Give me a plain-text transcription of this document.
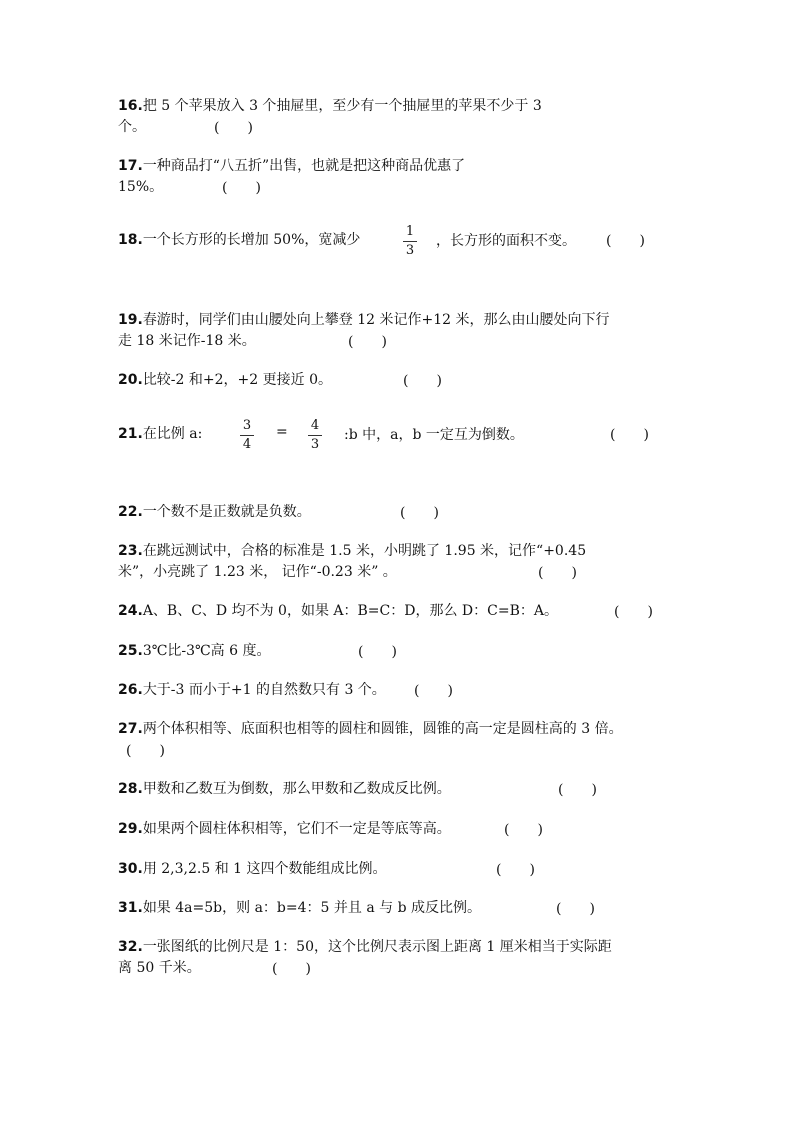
16.把 5 个苹果放入 3 个抽屉里，至少有一个抽屉里的苹果不少于 3
个。	(　　)
17.一种商品打“八五折”出售，也就是把这种商品优惠了
15%。	(　　)
18.一个长方形的长增加 50%，宽减少
1
3
，长方形的面积不变。 (　　)
19.春游时，同学们由山腰处向上攀登 12 米记作+12 米，那么由山腰处向下行
走 18 米记作-18 米。	(　　)
20.比较-2 和+2，+2 更接近 0。	(　　)
21.在比例 a:
3
4
= 4
3
:b 中，a，b 一定互为倒数。	(　　)
22.一个数不是正数就是负数。	(　　)
23.在跳远测试中，合格的标准是 1.5 米，小明跳了 1.95 米，记作“+0.45
米”，小亮跳了 1.23 米， 记作“-0.23 米” 。	(　　)
24.A、B、C、D 均不为 0，如果 A：B=C：D，那么 D：C=B：A。	(　　)
25.3℃比-3℃高 6 度。	(　　)
26.大于-3 而小于+1 的自然数只有 3 个。 (　　)
27.两个体积相等、底面积也相等的圆柱和圆锥，圆锥的高一定是圆柱高的 3 倍。
(　　)
28.甲数和乙数互为倒数，那么甲数和乙数成反比例。	(　　)
29.如果两个圆柱体积相等，它们不一定是等底等高。	(　　)
30.用 2,3,2.5 和 1 这四个数能组成比例。	(　　)
31.如果 4a=5b，则 a：b=4：5 并且 a 与 b 成反比例。	(　　)
32.一张图纸的比例尺是 1：50，这个比例尺表示图上距离 1 厘米相当于实际距
离 50 千米。	(　　)
